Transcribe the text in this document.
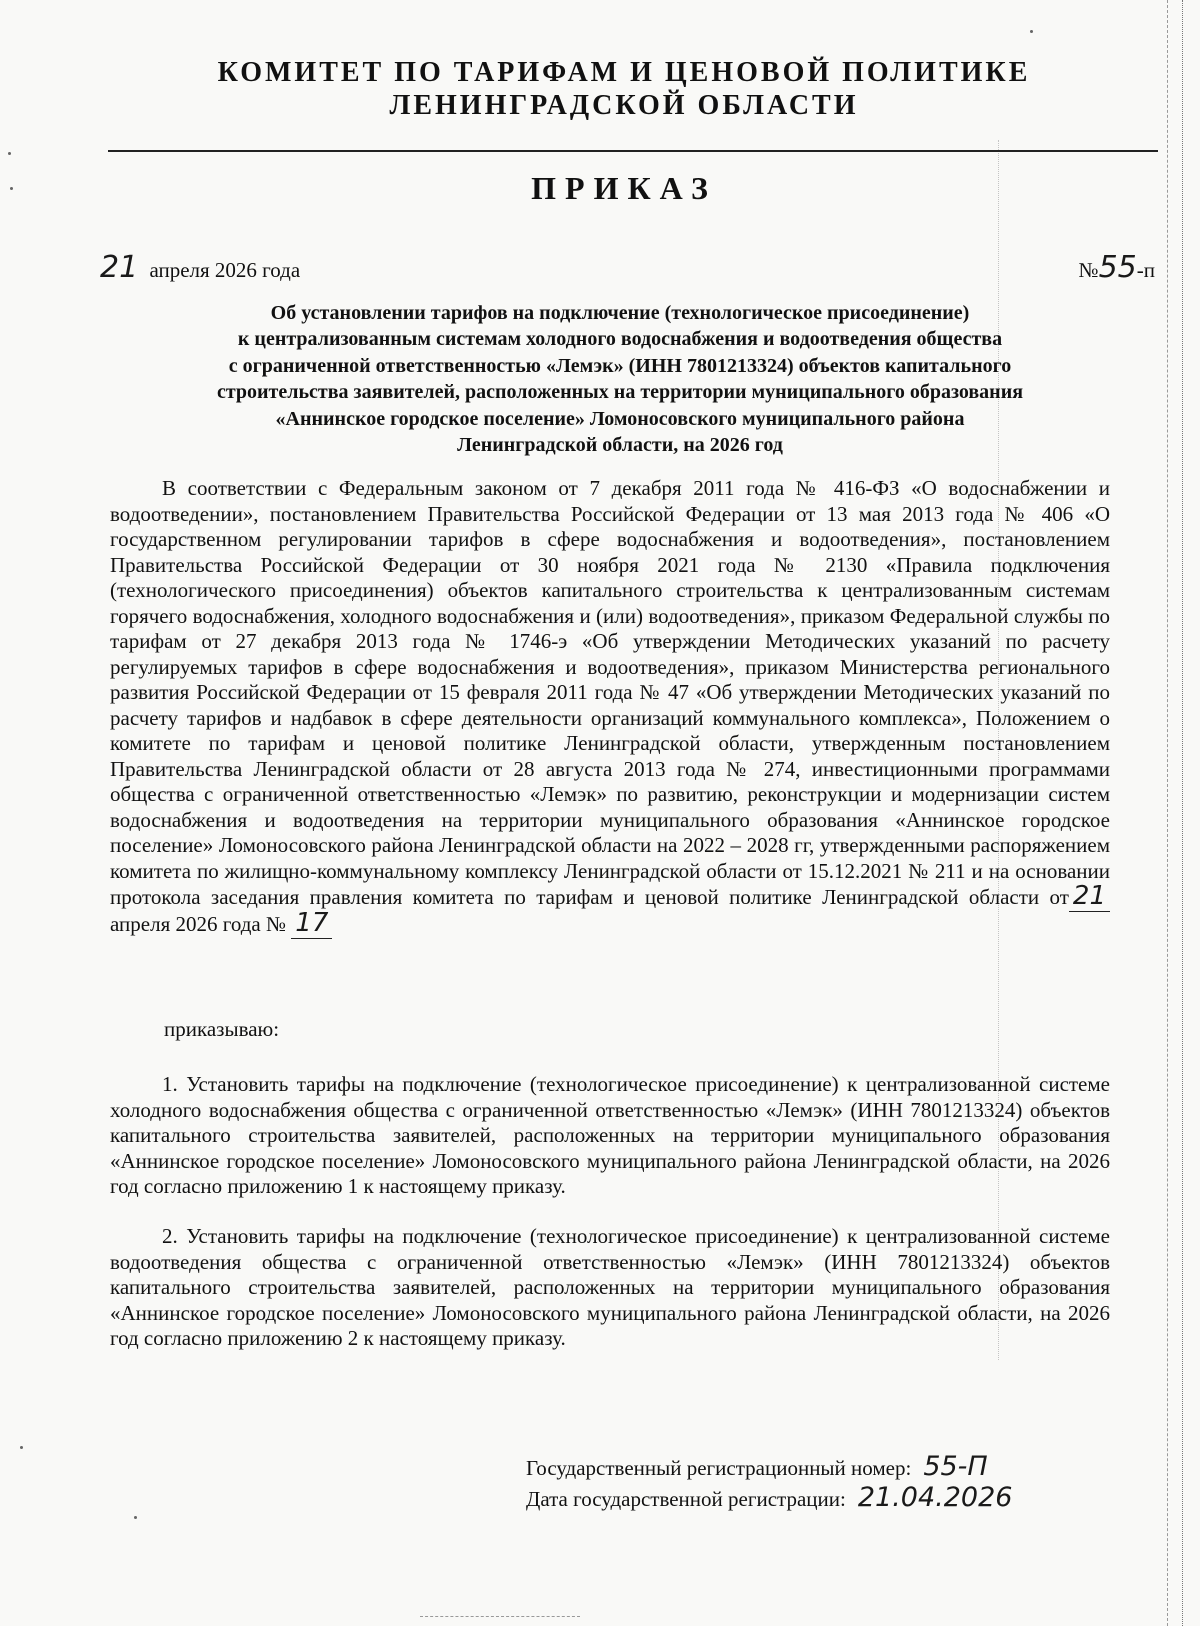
КОМИТЕТ ПО ТАРИФАМ И ЦЕНОВОЙ ПОЛИТИКЕ
ЛЕНИНГРАДСКОЙ ОБЛАСТИ
ПРИКАЗ
21 апреля 2026 года	№55-п
Об установлении тарифов на подключение (технологическое присоединение)
к централизованным системам холодного водоснабжения и водоотведения общества
с ограниченной ответственностью «Лемэк» (ИНН 7801213324) объектов капитального
строительства заявителей, расположенных на территории муниципального образования
«Аннинское городское поселение» Ломоносовского муниципального района
Ленинградской области, на 2026 год

В соответствии с Федеральным законом от 7 декабря 2011 года № 416-ФЗ «О водоснабжении и водоотведении», постановлением Правительства Российской Федерации от 13 мая 2013 года № 406 «О государственном регулировании тарифов в сфере водоснабжения и водоотведения», постановлением Правительства Российской Федерации от 30 ноября 2021 года № 2130 «Правила подключения (технологического присоединения) объектов капитального строительства к централизованным системам горячего водоснабжения, холодного водоснабжения и (или) водоотведения», приказом Федеральной службы по тарифам от 27 декабря 2013 года № 1746-э «Об утверждении Методических указаний по расчету регулируемых тарифов в сфере водоснабжения и водоотведения», приказом Министерства регионального развития Российской Федерации от 15 февраля 2011 года № 47 «Об утверждении Методических указаний по расчету тарифов и надбавок в сфере деятельности организаций коммунального комплекса», Положением о комитете по тарифам и ценовой политике Ленинградской области, утвержденным постановлением Правительства Ленинградской области от 28 августа 2013 года № 274, инвестиционными программами общества с ограниченной ответственностью «Лемэк» по развитию, реконструкции и модернизации систем водоснабжения и водоотведения на территории муниципального образования «Аннинское городское поселение» Ломоносовского района Ленинградской области на 2022 – 2028 гг, утвержденными распоряжением комитета по жилищно-коммунальному комплексу Ленинградской области от 15.12.2021 № 211 и на основании протокола заседания правления комитета по тарифам и ценовой политике Ленинградской области от 21 апреля 2026 года № 17

приказываю:

1. Установить тарифы на подключение (технологическое присоединение) к централизованной системе холодного водоснабжения общества с ограниченной ответственностью «Лемэк» (ИНН 7801213324) объектов капитального строительства заявителей, расположенных на территории муниципального образования «Аннинское городское поселение» Ломоносовского муниципального района Ленинградской области, на 2026 год согласно приложению 1 к настоящему приказу.

2. Установить тарифы на подключение (технологическое присоединение) к централизованной системе водоотведения общества с ограниченной ответственностью «Лемэк» (ИНН 7801213324) объектов капитального строительства заявителей, расположенных на территории муниципального образования «Аннинское городское поселение» Ломоносовского муниципального района Ленинградской области, на 2026 год согласно приложению 2 к настоящему приказу.

Государственный регистрационный номер: 55-П
Дата государственной регистрации: 21.04.2026
